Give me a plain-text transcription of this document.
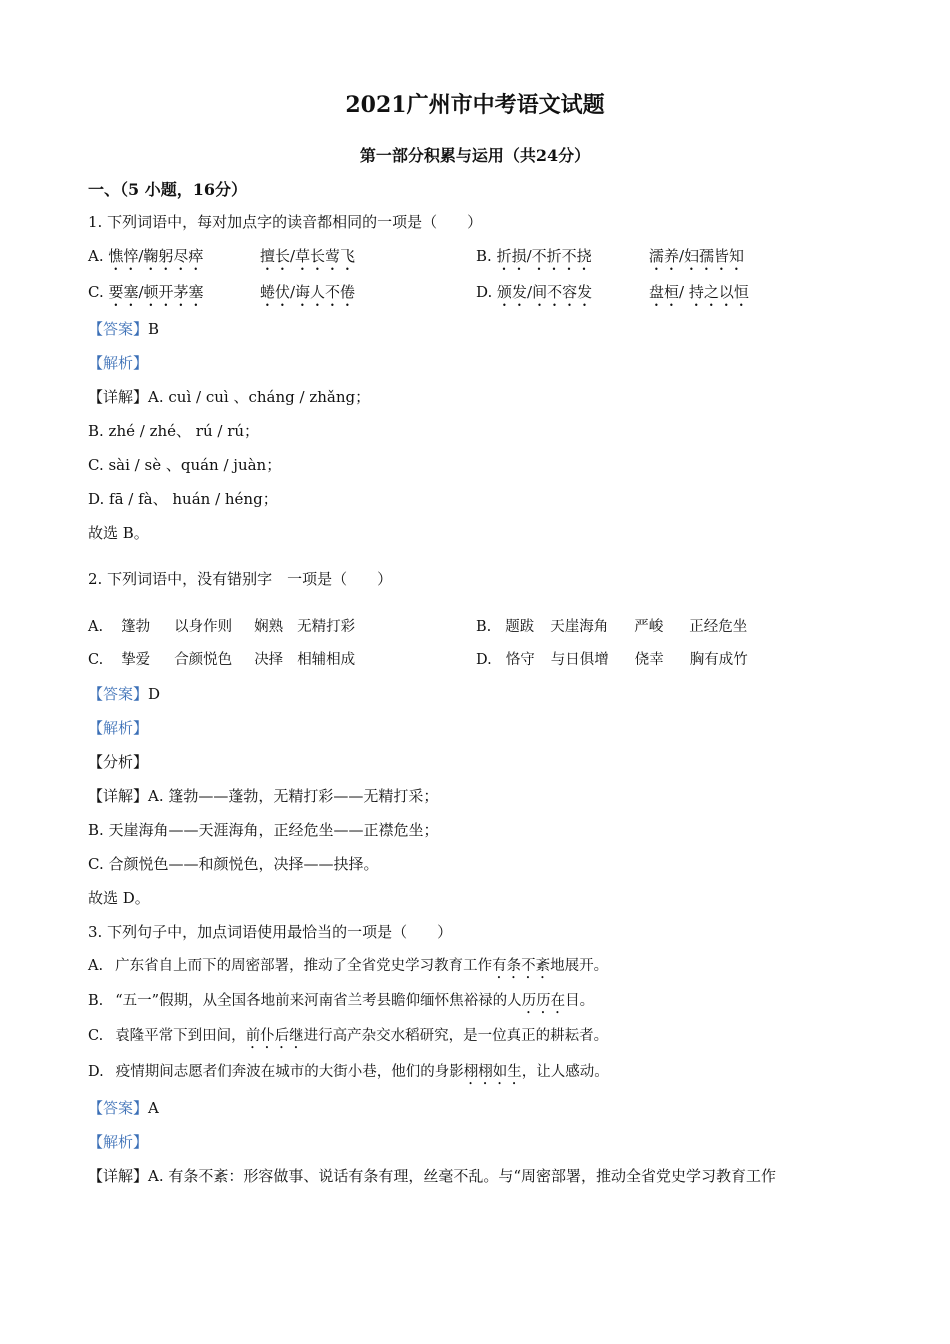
2021广州市中考语文试题
第一部分积累与运用（共24分）
一、（5 小题，16分）
1. 下列词语中，每对加点字的读音都相同的一项是（　　）
A. 憔悴/鞠躬尽瘁	擅长/草长莺飞	B. 折损/不折不挠	濡养/妇孺皆知
C. 要塞/顿开茅塞	蜷伏/诲人不倦	D. 颁发/间不容发	盘桓/ 持之以恒
【答案】B
【解析】
【详解】A. cuì / cuì 、cháng / zhǎng；
B. zhé / zhé、 rú / rú；
C. sài / sè 、quán / juàn；
D. fā / fà、 huán / héng；
故选 B。
2. 下列词语中，没有错别字　一项是（　　）
A. 篷勃 以身作则 娴熟 无精打彩	B. 题跋 天崖海角 严峻 正经危坐
C. 挚爱 合颜悦色 决择 相辅相成	D. 恪守 与日俱增 侥幸 胸有成竹
【答案】D
【解析】
【分析】
【详解】A. 篷勃——蓬勃，无精打彩——无精打采；
B. 天崖海角——天涯海角，正经危坐——正襟危坐；
C. 合颜悦色——和颜悦色，决择——抉择。
故选 D。
3. 下列句子中，加点词语使用最恰当的一项是（　　）
A. 广东省自上而下的周密部署，推动了全省党史学习教育工作有条不紊地展开。
B. “五一”假期，从全国各地前来河南省兰考县瞻仰缅怀焦裕禄的人历历在目。
C. 袁隆平常下到田间，前仆后继进行高产杂交水稻研究，是一位真正的耕耘者。
D. 疫情期间志愿者们奔波在城市的大街小巷，他们的身影栩栩如生，让人感动。
【答案】A
【解析】
【详解】A. 有条不紊：形容做事、说话有条有理，丝毫不乱。与“周密部署，推动全省党史学习教育工作
